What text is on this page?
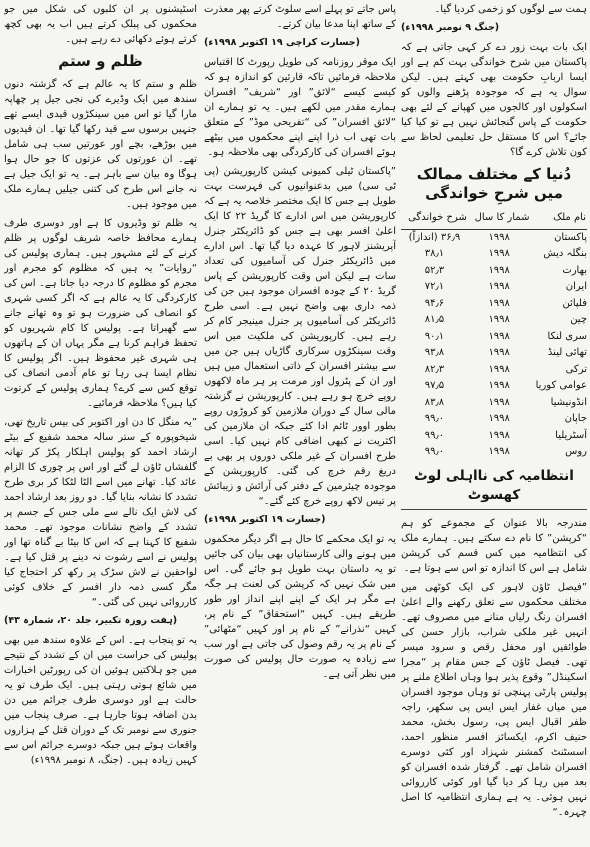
ہمت سے لوگوں کو زخمی کردیا گیا۔

(جنگ ۹ نومبر ۱۹۹۸ء)

ایک بات بہت زور دے کر کہی جاتی ہے کہ پاکستان میں شرح خواندگی بہت کم ہے اور ایسا اربابِ حکومت بھی کہتے ہیں۔ لیکن سوال یہ ہے کہ موجودہ پڑھنے والوں کو اسکولوں اور کالجوں میں کھپانے کے لئے بھی حکومت کے پاس گنجائش نہیں ہے تو کیا کیا جائے؟ اس کا مستقل حل تعلیمی لحاظ سے کون تلاش کرے گا؟

دُنیا کے مختلف ممالک میں شرحِ خواندگی
نام ملک	شمار کا سال	شرح خواندگی
پاکستان	۱۹۹۸	۳۶٫۹ (اندازاً)
بنگلہ دیش	۱۹۹۸	۳۸٫۱
بھارت	۱۹۹۸	۵۲٫۳
ایران	۱۹۹۸	۷۲٫۱
فلپائن	۱۹۹۸	۹۴٫۶
چین	۱۹۹۸	۸۱٫۵
سری لنکا	۱۹۹۸	۹۰٫۱
تھائی لینڈ	۱۹۹۸	۹۳٫۸
ترکی	۱۹۹۸	۸۲٫۳
عوامی کوریا	۱۹۹۸	۹۷٫۵
انڈونیشیا	۱۹۹۸	۸۳٫۸
جاپان	۱۹۹۸	۹۹٫۰
آسٹریلیا	۱۹۹۸	۹۹٫۰
روس	۱۹۹۸	۹۹٫۰
انتظامیہ کی نااہلی لوٹ کھسوٹ

مندرجہ بالا عنوان کے مجموعے کو ہم “کرپشن” کا نام دے سکتے ہیں۔ ہمارے ملک کی انتظامیہ میں کس قسم کی کرپشن شامل ہے اس کا اندازہ تو اس سے ہوتا ہے۔

”فیصل ٹاؤن لاہور کی ایک کوٹھی میں مختلف محکموں سے تعلق رکھنے والے اعلیٰ افسران رنگ رلیاں منانے میں مصروف تھے۔ انہیں غیر ملکی شراب، بازار حسن کی طوائفیں اور محفل رقص و سرود میسر تھی۔ فیصل ٹاؤن کے جس مقام پر “مجرا اسکینڈل” وقوع پذیر ہوا وہاں اطلاع ملنے پر پولیس پارٹی پہنچی تو وہاں موجود افسران میں میاں غفار ایس ایس پی سکھر، راجہ ظفر اقبال ایس پی، رسول بخش، محمد حنیف اکرم، ایکسائز افسر منظور احمد، اسسٹنٹ کمشنر شہزاد اور کئی دوسرے افسران شامل تھے۔ گرفتار شدہ افسران کو بعد میں رہا کر دیا گیا اور کوئی کارروائی نہیں ہوئی۔ یہ ہے ہماری انتظامیہ کا اصل چہرہ۔“

پاس جاتے تو پہلے اسے سلوٹ کرتے پھر معذرت کے ساتھ اپنا مدعا بیان کرتے۔

(جسارت کراچی ۱۹ اکتوبر ۱۹۹۸ء)

ایک موقر روزنامہ کی طویل رپورٹ کا اقتباس ملاحظہ فرمائیں تاکہ قارئین کو اندازہ ہو کہ کیسے کیسے “لائق” اور “شریف” افسران ہمارے مقدر میں لکھے ہیں۔ یہ تو ہمارے ان “لائق افسران” کی “تفریحی موڈ” کے متعلق بات تھی اب ذرا اپنے اپنے محکموں میں بیٹھے ہوئے افسران کی کارکردگی بھی ملاحظہ ہو۔

”پاکستان ٹیلی کمیونی کیشن کارپوریشن (پی ٹی سی) میں بدعنوانیوں کی فہرست بہت طویل ہے جس کا ایک مختصر خلاصہ یہ ہے کہ کارپوریشن میں اس ادارے کا گریڈ ۲۲ کا ایک اعلیٰ افسر بھی ہے جس کو ڈائریکٹر جنرل آپریشنز لاہور کا عہدہ دیا گیا تھا۔ اس ادارے میں ڈائریکٹر جنرل کی آسامیوں کی تعداد سات ہے لیکن اس وقت کارپوریشن کے پاس گریڈ ۲۰ کے چودہ افسران موجود ہیں جن کی ذمہ داری بھی واضح نہیں ہے۔ اسی طرح ڈائریکٹر کی آسامیوں پر جنرل مینیجر کام کر رہے ہیں۔ کارپوریشن کی ملکیت میں اس وقت سینکڑوں سرکاری گاڑیاں ہیں جن میں سے بیشتر افسران کے ذاتی استعمال میں ہیں اور ان کے پٹرول اور مرمت پر ہر ماہ لاکھوں روپے خرچ ہو رہے ہیں۔ کارپوریشن نے گزشتہ مالی سال کے دوران ملازمین کو کروڑوں روپے بطور اوور ٹائم ادا کئے جبکہ ان ملازمین کی اکثریت نے کبھی اضافی کام نہیں کیا۔ اسی طرح افسران کے غیر ملکی دوروں پر بھی بے دریغ رقم خرچ کی گئی۔ کارپوریشن کے موجودہ چیئرمین کے دفتر کی آرائش و زیبائش پر تیس لاکھ روپے خرچ کئے گئے۔“

(جسارت ۱۹ اکتوبر ۱۹۹۸ء)

یہ تو ایک محکمے کا حال ہے اگر دیگر محکموں میں ہونے والی کارستانیاں بھی بیان کی جائیں تو یہ داستان بہت طویل ہو جائے گی۔ اس میں شک نہیں کہ کرپشن کی لعنت ہر جگہ ہے مگر ہر ایک کے اپنے اپنے انداز اور طور طریقے ہیں۔ کہیں “استحقاق” کے نام پر، کہیں “نذرانے” کے نام پر اور کہیں “مٹھائی” کے نام پر یہ رقم وصول کی جاتی ہے اور سب سے زیادہ یہ صورت حال پولیس کی صورت میں نظر آتی ہے۔

اسٹیشنوں پر ان کلبوں کی شکل میں جو محکموں کی پبلک کرتے ہیں اب یہ بھی کچھ کرتے ہوئے دکھائی دے رہے ہیں۔

ظلم و ستم

ظلم و ستم کا یہ عالم ہے کہ گزشتہ دنوں سندھ میں ایک وڈیرے کی نجی جیل پر چھاپہ مارا گیا تو اس میں سینکڑوں قیدی ایسے تھے جنہیں برسوں سے قید رکھا گیا تھا۔ ان قیدیوں میں بوڑھے، بچے اور عورتیں سب ہی شامل تھے۔ ان عورتوں کی عزتوں کا جو حال ہوا ہوگا وہ بیان سے باہر ہے۔ یہ تو ایک جیل ہے نہ جانے اس طرح کی کتنی جیلیں ہمارے ملک میں موجود ہیں۔

یہ ظلم تو وڈیروں کا ہے اور دوسری طرف ہمارے محافظ خاصہ شریف لوگوں پر ظلم کرنے کے لئے مشہور ہیں۔ ہماری پولیس کی “روایات” یہ ہیں کہ مظلوم کو مجرم اور مجرم کو مظلوم کا درجہ دیا جاتا ہے۔ اس کی کارکردگی کا یہ عالم ہے کہ اگر کسی شہری کو انصاف کی ضرورت ہو تو وہ تھانے جانے سے گھبراتا ہے۔ پولیس کا کام شہریوں کو تحفظ فراہم کرنا ہے مگر یہاں ان کے ہاتھوں ہی شہری غیر محفوظ ہیں۔ اگر پولیس کا نظام ایسا ہی رہا تو عام آدمی انصاف کی توقع کس سے کرے؟ ہماری پولیس کے کرتوت کیا ہیں؟ ملاحظہ فرمائیے۔

”یہ منگل کا دن اور اکتوبر کی بیس تاریخ تھی، شیخوپورہ کے ستر سالہ محمد شفیع کے بیٹے ارشاد احمد کو پولیس اہلکار پکڑ کر تھانہ گلفشاں ٹاؤن لے گئے اور اس پر چوری کا الزام عائد کیا۔ تھانے میں اسے الٹا لٹکا کر بری طرح تشدد کا نشانہ بنایا گیا۔ دو روز بعد ارشاد احمد کی لاش ایک نالے سے ملی جس کے جسم پر تشدد کے واضح نشانات موجود تھے۔ محمد شفیع کا کہنا ہے کہ اس کا بیٹا بے گناہ تھا اور پولیس نے اسے رشوت نہ دینے پر قتل کیا ہے۔ لواحقین نے لاش سڑک پر رکھ کر احتجاج کیا مگر کسی ذمہ دار افسر کے خلاف کوئی کارروائی نہیں کی گئی۔“

(ہفت روزہ تکبیر، جلد ۲۰، شمارہ ۴۳)

یہ تو پنجاب ہے۔ اس کے علاوہ سندھ میں بھی پولیس کی حراست میں ان کے تشدد کے نتیجے میں جو ہلاکتیں ہوئیں ان کی رپورٹیں اخبارات میں شائع ہوتی رہتی ہیں۔ ایک طرف تو یہ حالت ہے اور دوسری طرف جرائم میں دن بدن اضافہ ہوتا جارہا ہے۔ صرف پنجاب میں جنوری سے نومبر تک کے دوران قتل کے ہزاروں واقعات ہوئے ہیں جبکہ دوسرے جرائم اس سے کہیں زیادہ ہیں۔ (جنگ، ۸ نومبر ۱۹۹۸ء)
